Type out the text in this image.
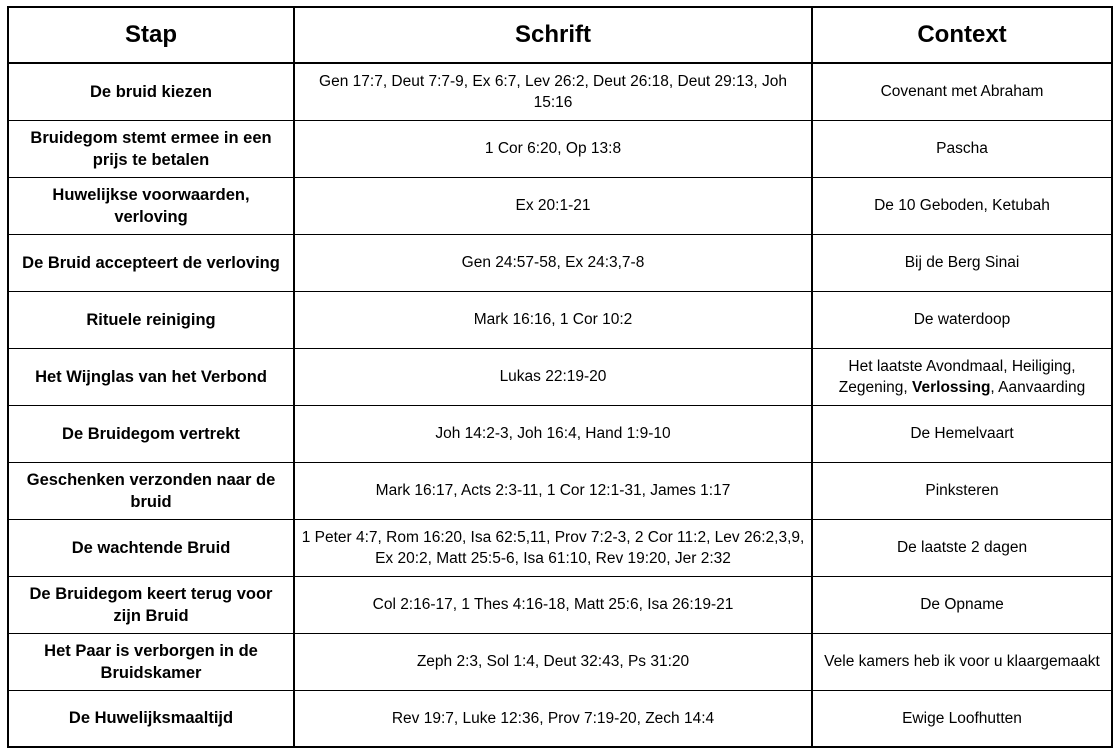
Stap	Schrift	Context
De bruid kiezen	Gen 17:7, Deut 7:7-9, Ex 6:7, Lev 26:2, Deut 26:18, Deut 29:13, Joh 15:16	Covenant met Abraham
Bruidegom stemt ermee in een prijs te betalen	1 Cor 6:20, Op 13:8	Pascha
Huwelijkse voorwaarden, verloving	Ex 20:1-21	De 10 Geboden, Ketubah
De Bruid accepteert de verloving	Gen 24:57-58, Ex 24:3,7-8	Bij de Berg Sinai
Rituele reiniging	Mark 16:16, 1 Cor 10:2	De waterdoop
Het Wijnglas van het Verbond	Lukas 22:19-20	Het laatste Avondmaal, Heiliging, Zegening, Verlossing, Aanvaarding
De Bruidegom vertrekt	Joh 14:2-3, Joh 16:4, Hand 1:9-10	De Hemelvaart
Geschenken verzonden naar de bruid	Mark 16:17, Acts 2:3-11, 1 Cor 12:1-31, James 1:17	Pinksteren
De wachtende Bruid	1 Peter 4:7, Rom 16:20, Isa 62:5,11, Prov 7:2-3, 2 Cor 11:2, Lev 26:2,3,9, Ex 20:2, Matt 25:5-6, Isa 61:10, Rev 19:20, Jer 2:32	De laatste 2 dagen
De Bruidegom keert terug voor zijn Bruid	Col 2:16-17, 1 Thes 4:16-18, Matt 25:6, Isa 26:19-21	De Opname
Het Paar is verborgen in de Bruidskamer	Zeph 2:3, Sol 1:4, Deut 32:43, Ps 31:20	Vele kamers heb ik voor u klaargemaakt
De Huwelijksmaaltijd	Rev 19:7, Luke 12:36, Prov 7:19-20, Zech 14:4	Ewige Loofhutten
